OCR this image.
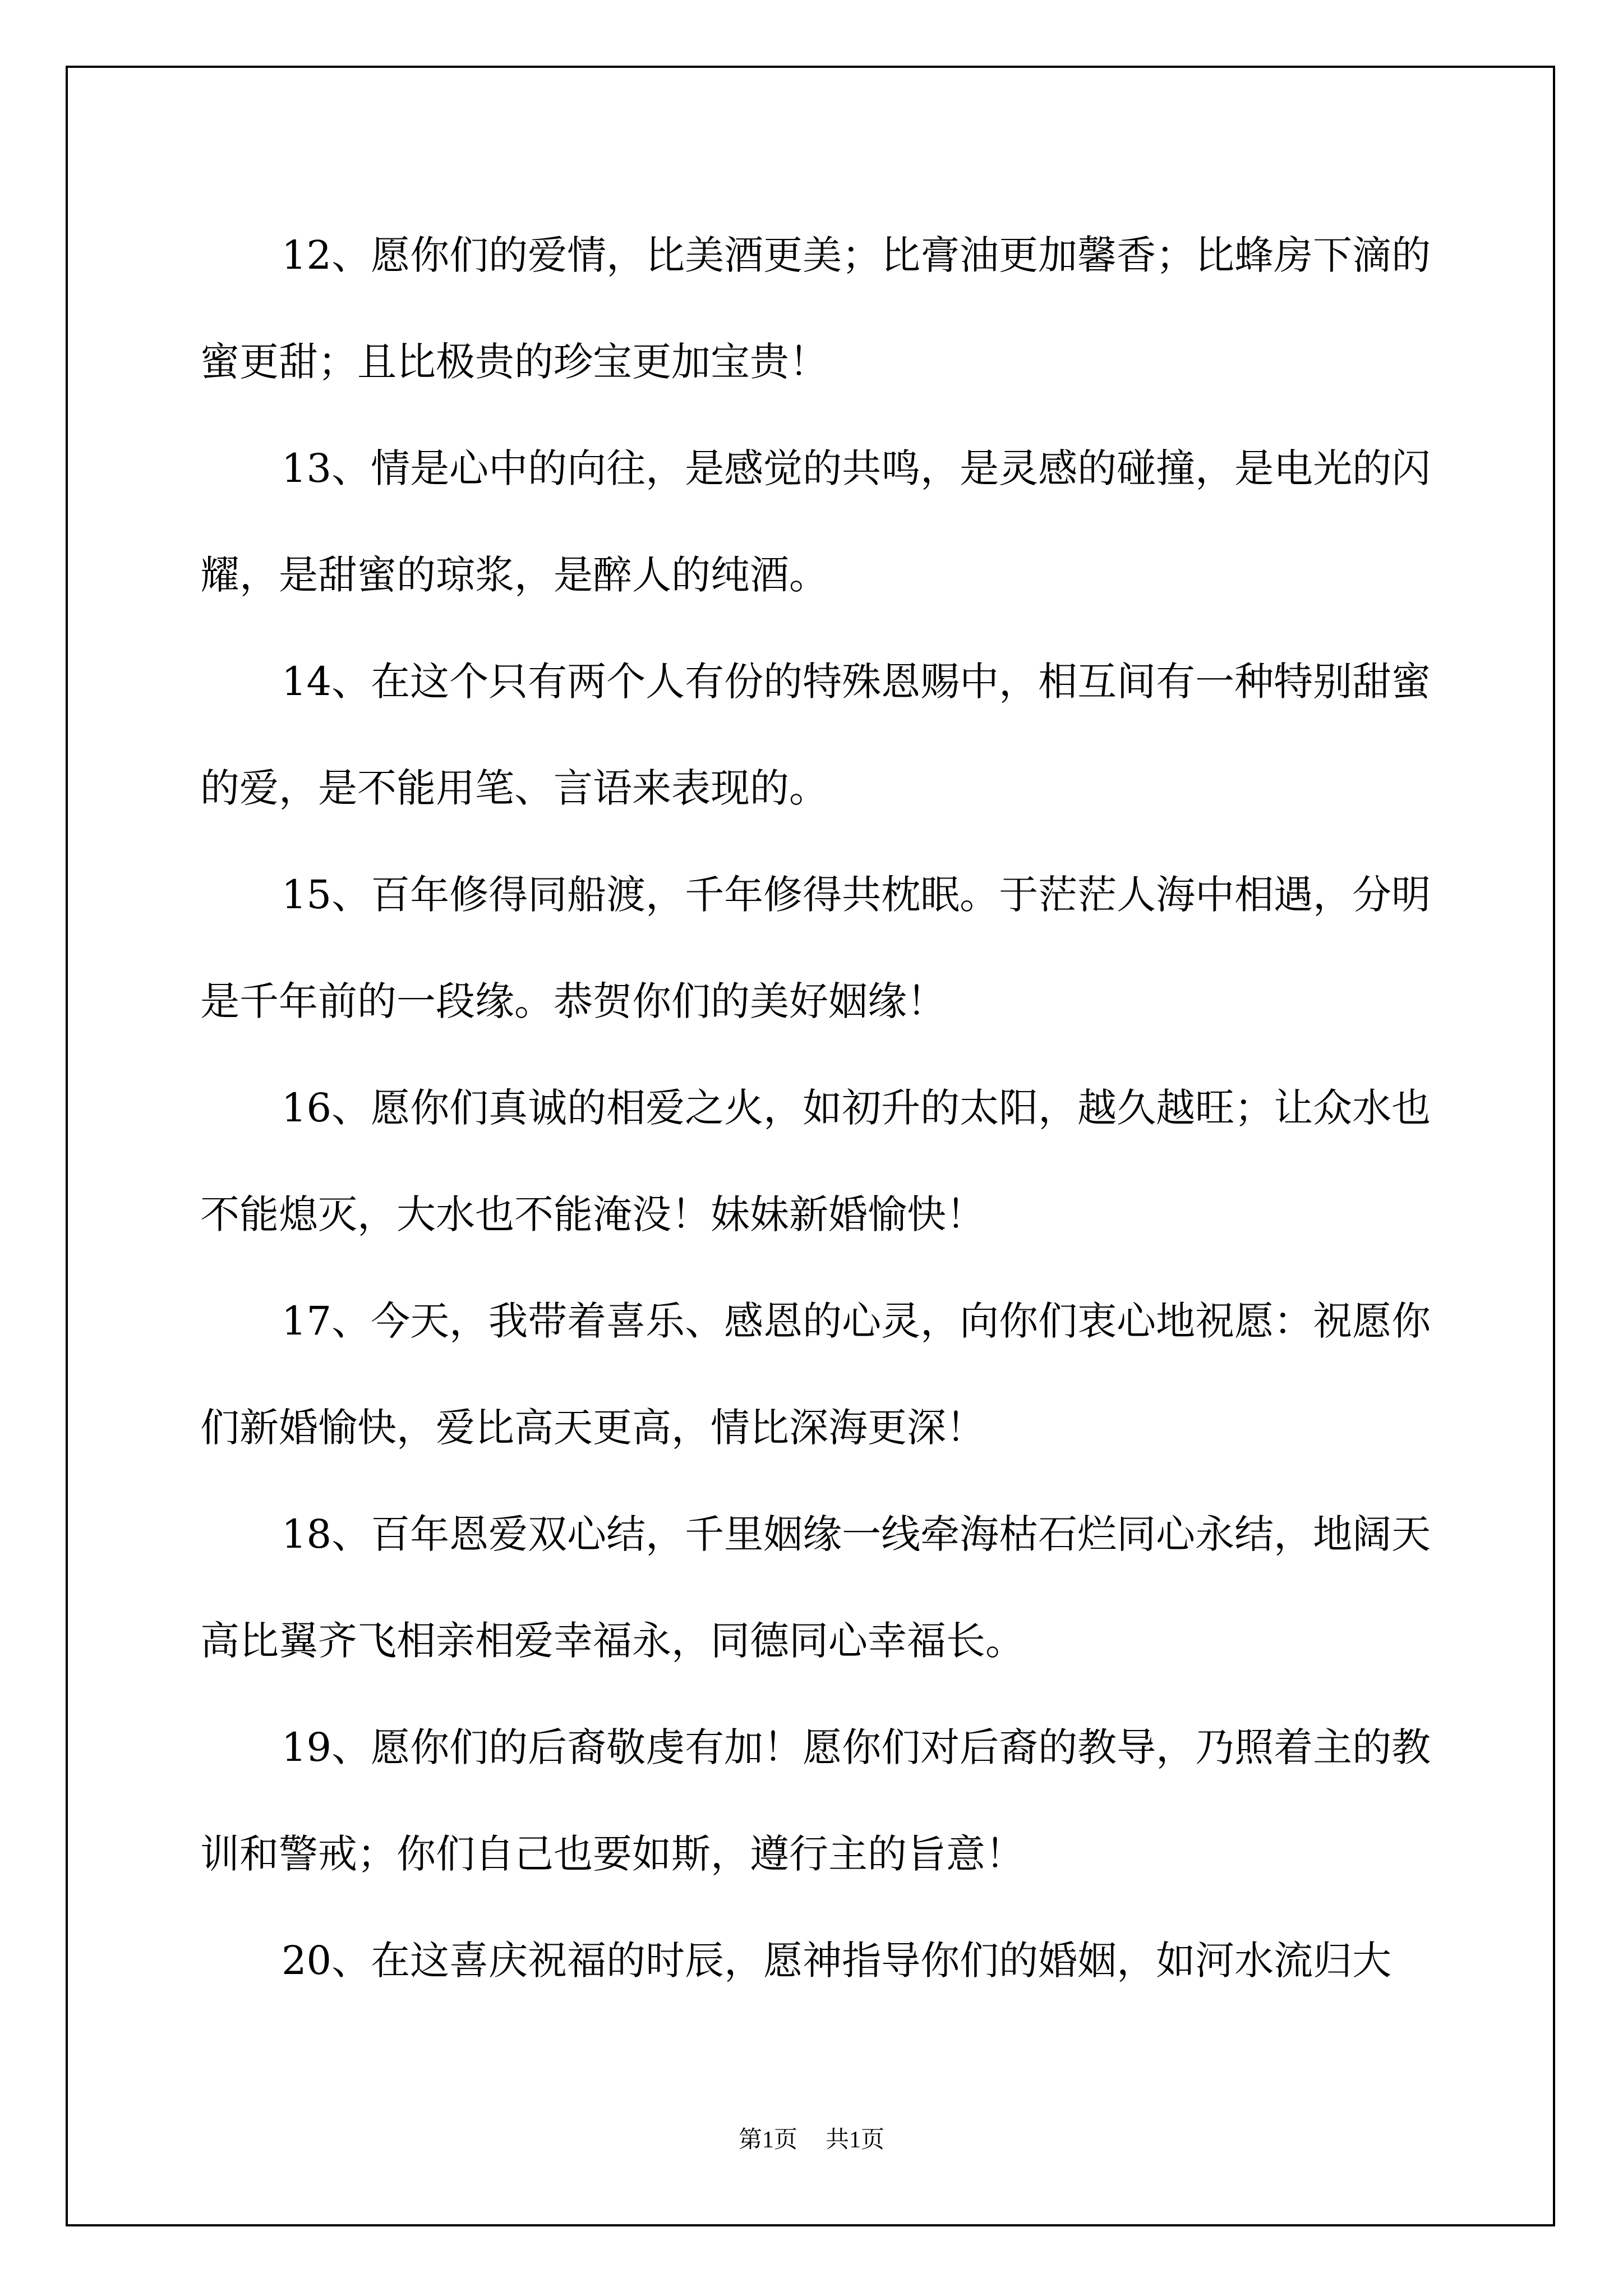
12、愿你们的爱情，比美酒更美；比膏油更加馨香；比蜂房下滴的蜜更甜；且比极贵的珍宝更加宝贵！

13、情是心中的向往，是感觉的共鸣，是灵感的碰撞，是电光的闪耀，是甜蜜的琼浆，是醉人的纯酒。

14、在这个只有两个人有份的特殊恩赐中，相互间有一种特别甜蜜的爱，是不能用笔、言语来表现的。

15、百年修得同船渡，千年修得共枕眠。于茫茫人海中相遇，分明是千年前的一段缘。恭贺你们的美好姻缘！

16、愿你们真诚的相爱之火，如初升的太阳，越久越旺；让众水也不能熄灭，大水也不能淹没！妹妹新婚愉快！

17、今天，我带着喜乐、感恩的心灵，向你们衷心地祝愿：祝愿你们新婚愉快，爱比高天更高，情比深海更深！

18、百年恩爱双心结，千里姻缘一线牵海枯石烂同心永结，地阔天高比翼齐飞相亲相爱幸福永，同德同心幸福长。

19、愿你们的后裔敬虔有加！愿你们对后裔的教导，乃照着主的教训和警戒；你们自己也要如斯，遵行主的旨意！

20、在这喜庆祝福的时辰，愿神指导你们的婚姻，如河水流归大

第1页 共1页
